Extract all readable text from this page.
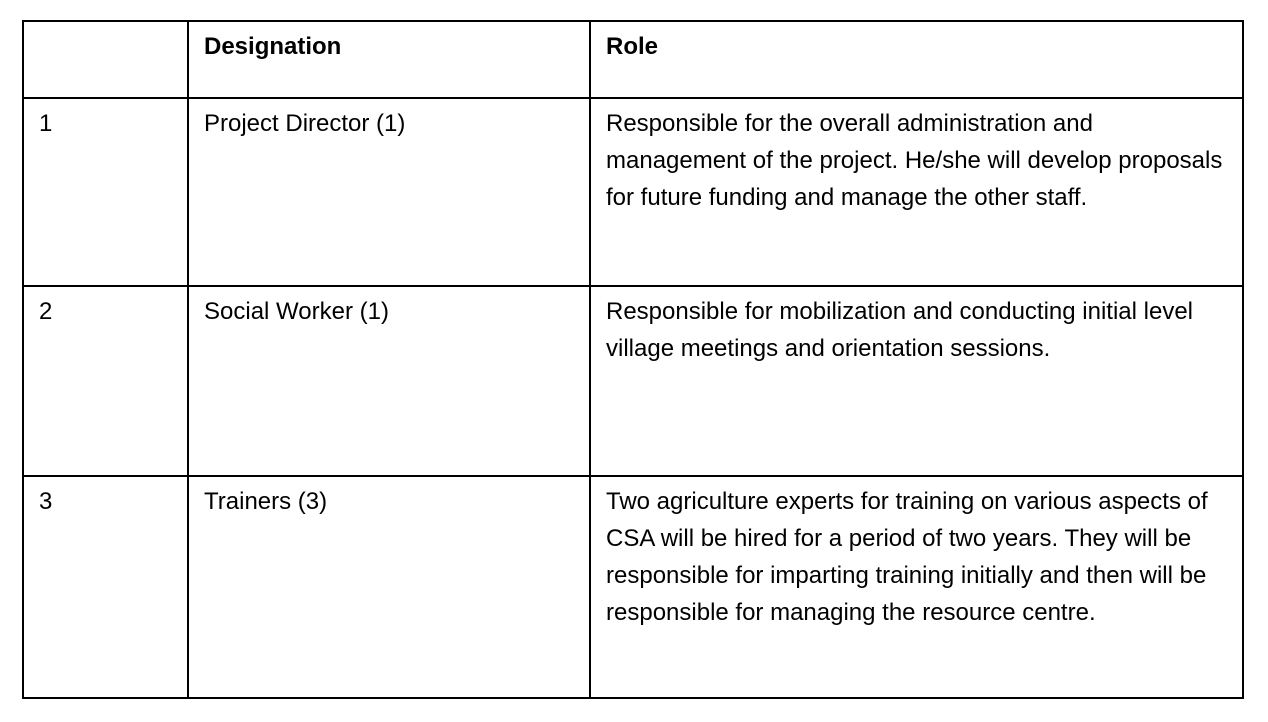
	Designation	Role
1	Project Director (1)	Responsible for the overall administration and management of the project. He/she will develop proposals for future funding and manage the other staff.
2	Social Worker (1)	Responsible for mobilization and conducting initial level village meetings and orientation sessions.
3	Trainers (3)	Two agriculture experts for training on various aspects of CSA will be hired for a period of two years. They will be responsible for imparting training initially and then will be responsible for managing the resource centre.
